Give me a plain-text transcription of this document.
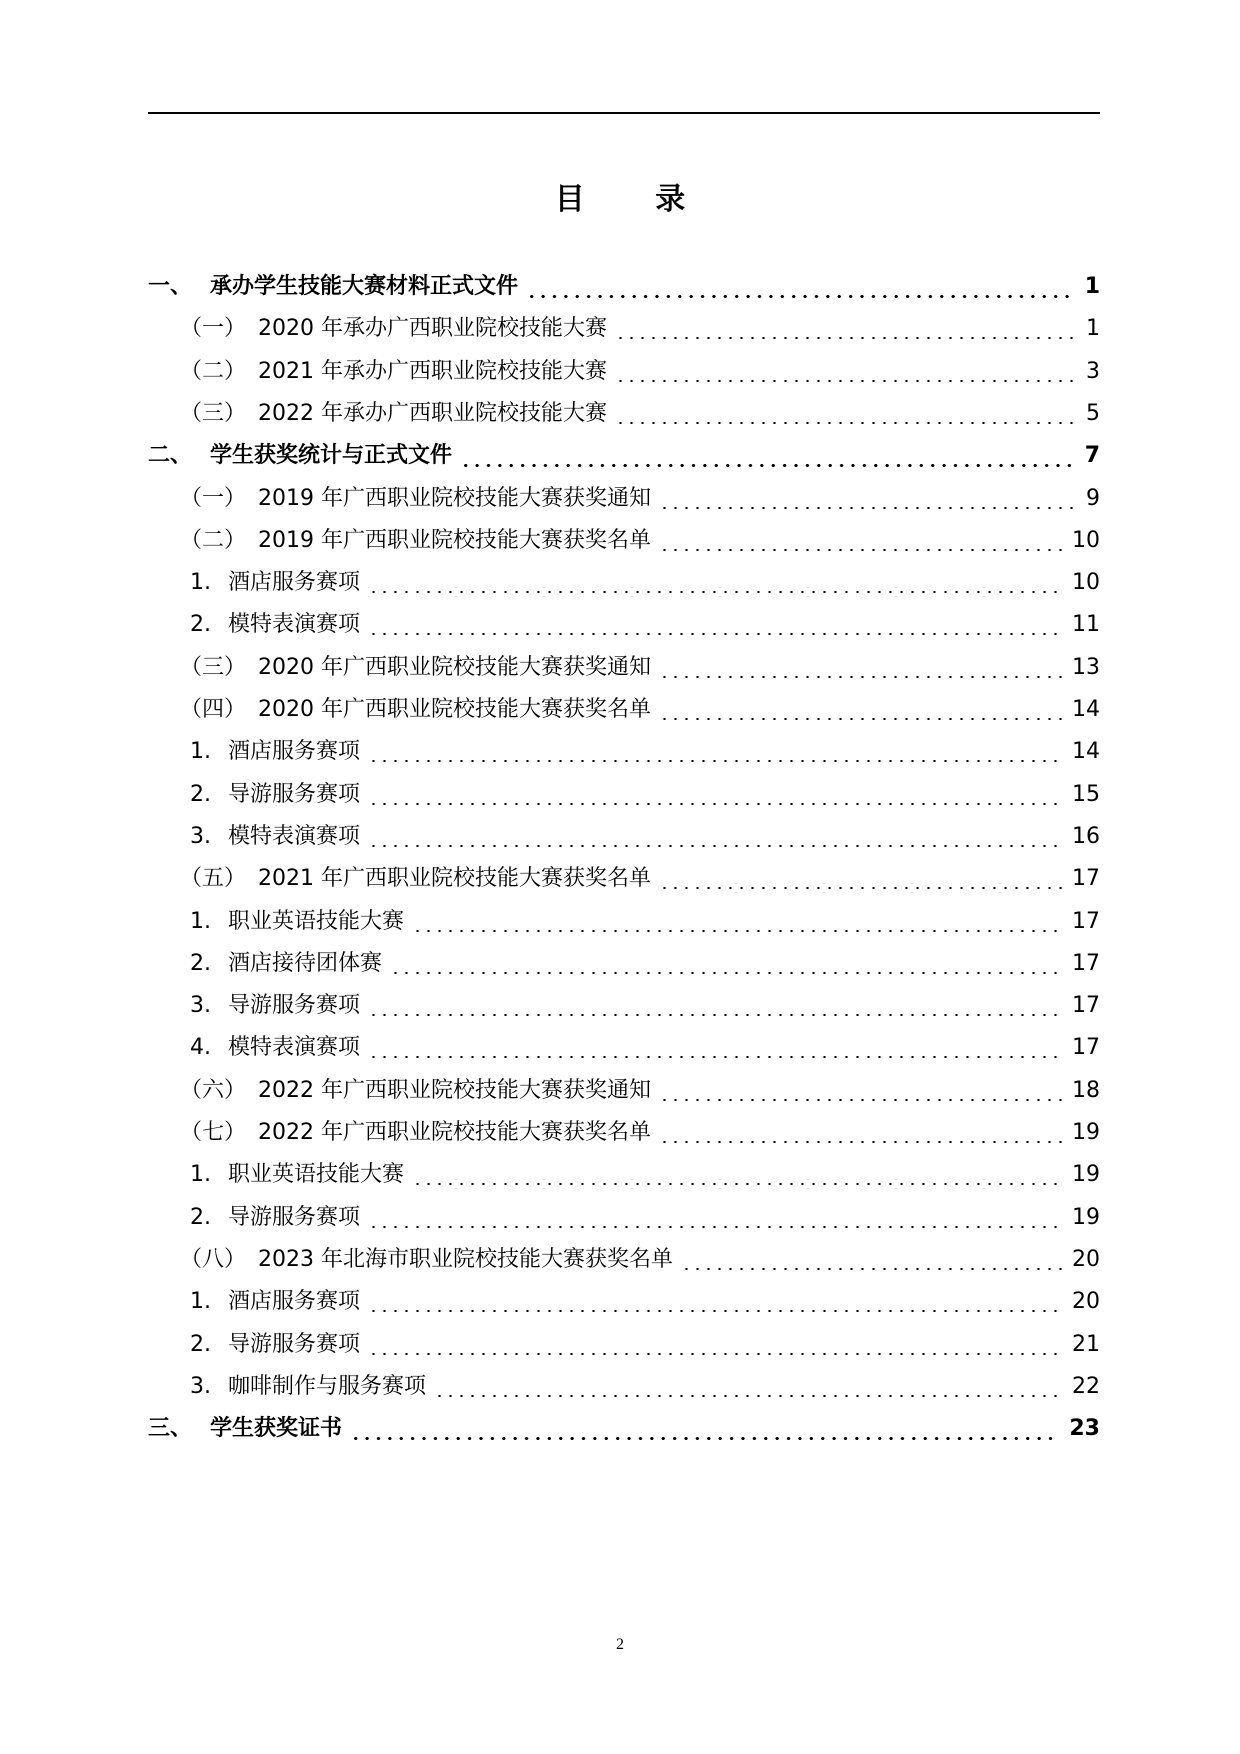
目 录
一、 承办学生技能大赛材料正式文件	1
（一） 2020 年承办广西职业院校技能大赛	1
（二） 2021 年承办广西职业院校技能大赛	3
（三） 2022 年承办广西职业院校技能大赛	5
二、 学生获奖统计与正式文件	7
（一） 2019 年广西职业院校技能大赛获奖通知	9
（二） 2019 年广西职业院校技能大赛获奖名单	10
1. 酒店服务赛项	10
2. 模特表演赛项	11
（三） 2020 年广西职业院校技能大赛获奖通知	13
（四） 2020 年广西职业院校技能大赛获奖名单	14
1. 酒店服务赛项	14
2. 导游服务赛项	15
3. 模特表演赛项	16
（五） 2021 年广西职业院校技能大赛获奖名单	17
1. 职业英语技能大赛	17
2. 酒店接待团体赛	17
3. 导游服务赛项	17
4. 模特表演赛项	17
（六） 2022 年广西职业院校技能大赛获奖通知	18
（七） 2022 年广西职业院校技能大赛获奖名单	19
1. 职业英语技能大赛	19
2. 导游服务赛项	19
（八） 2023 年北海市职业院校技能大赛获奖名单	20
1. 酒店服务赛项	20
2. 导游服务赛项	21
3. 咖啡制作与服务赛项	22
三、 学生获奖证书	23
2
